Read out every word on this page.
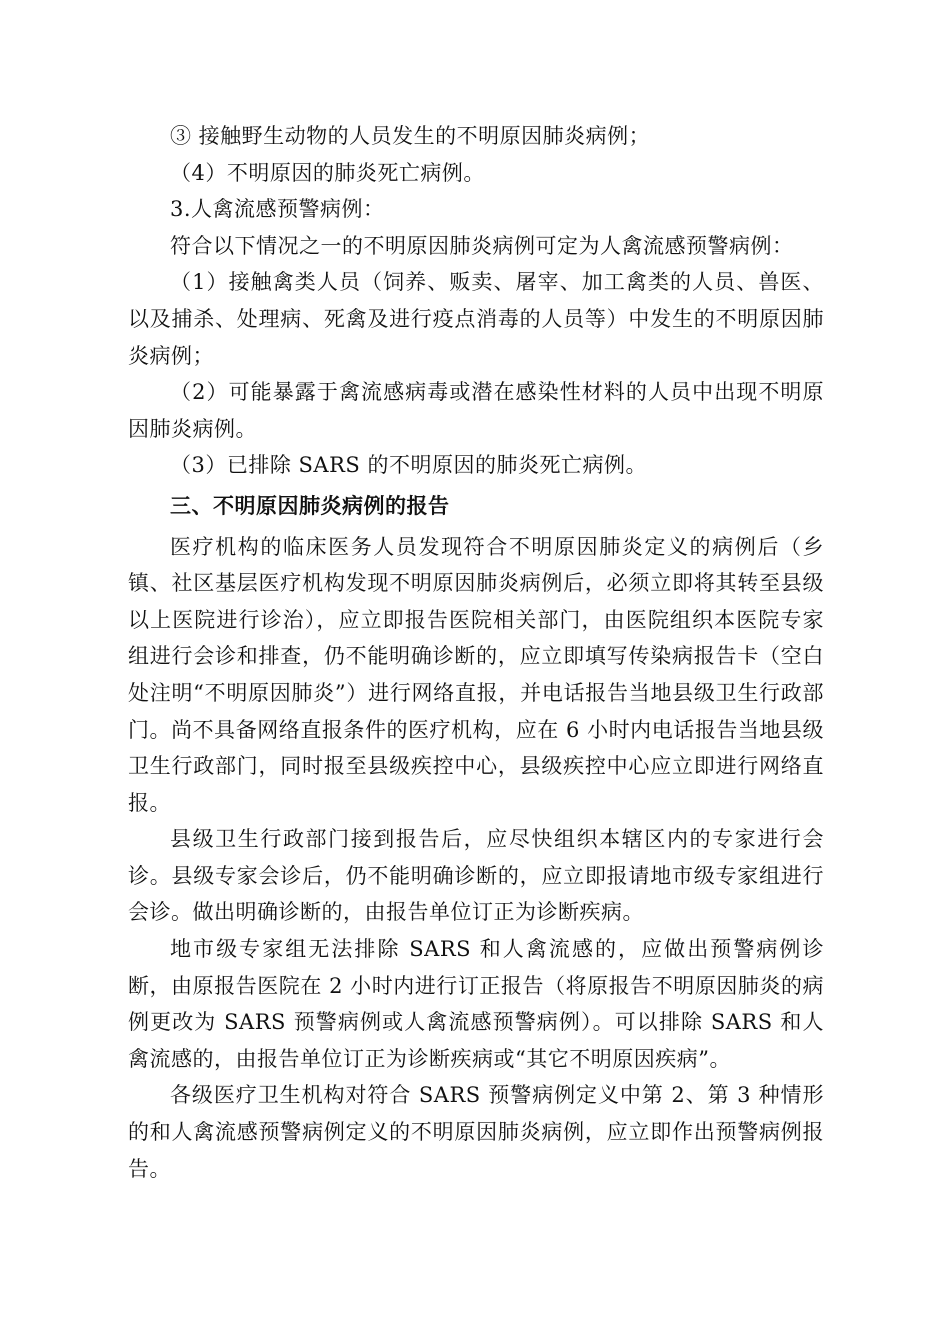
③ 接触野生动物的人员发生的不明原因肺炎病例；

（4）不明原因的肺炎死亡病例。

3.人禽流感预警病例：

符合以下情况之一的不明原因肺炎病例可定为人禽流感预警病例：

（1）接触禽类人员（饲养、贩卖、屠宰、加工禽类的人员、兽医、以及捕杀、处理病、死禽及进行疫点消毒的人员等）中发生的不明原因肺炎病例；

（2）可能暴露于禽流感病毒或潜在感染性材料的人员中出现不明原因肺炎病例。

（3）已排除 SARS 的不明原因的肺炎死亡病例。

三、不明原因肺炎病例的报告

医疗机构的临床医务人员发现符合不明原因肺炎定义的病例后（乡镇、社区基层医疗机构发现不明原因肺炎病例后，必须立即将其转至县级以上医院进行诊治），应立即报告医院相关部门，由医院组织本医院专家组进行会诊和排查，仍不能明确诊断的，应立即填写传染病报告卡（空白处注明“不明原因肺炎”）进行网络直报，并电话报告当地县级卫生行政部门。尚不具备网络直报条件的医疗机构，应在 6 小时内电话报告当地县级卫生行政部门，同时报至县级疾控中心，县级疾控中心应立即进行网络直报。

县级卫生行政部门接到报告后，应尽快组织本辖区内的专家进行会诊。县级专家会诊后，仍不能明确诊断的，应立即报请地市级专家组进行会诊。做出明确诊断的，由报告单位订正为诊断疾病。

地市级专家组无法排除 SARS 和人禽流感的，应做出预警病例诊断，由原报告医院在 2 小时内进行订正报告（将原报告不明原因肺炎的病例更改为 SARS 预警病例或人禽流感预警病例）。可以排除 SARS 和人禽流感的，由报告单位订正为诊断疾病或“其它不明原因疾病”。

各级医疗卫生机构对符合 SARS 预警病例定义中第 2、第 3 种情形的和人禽流感预警病例定义的不明原因肺炎病例，应立即作出预警病例报告。
